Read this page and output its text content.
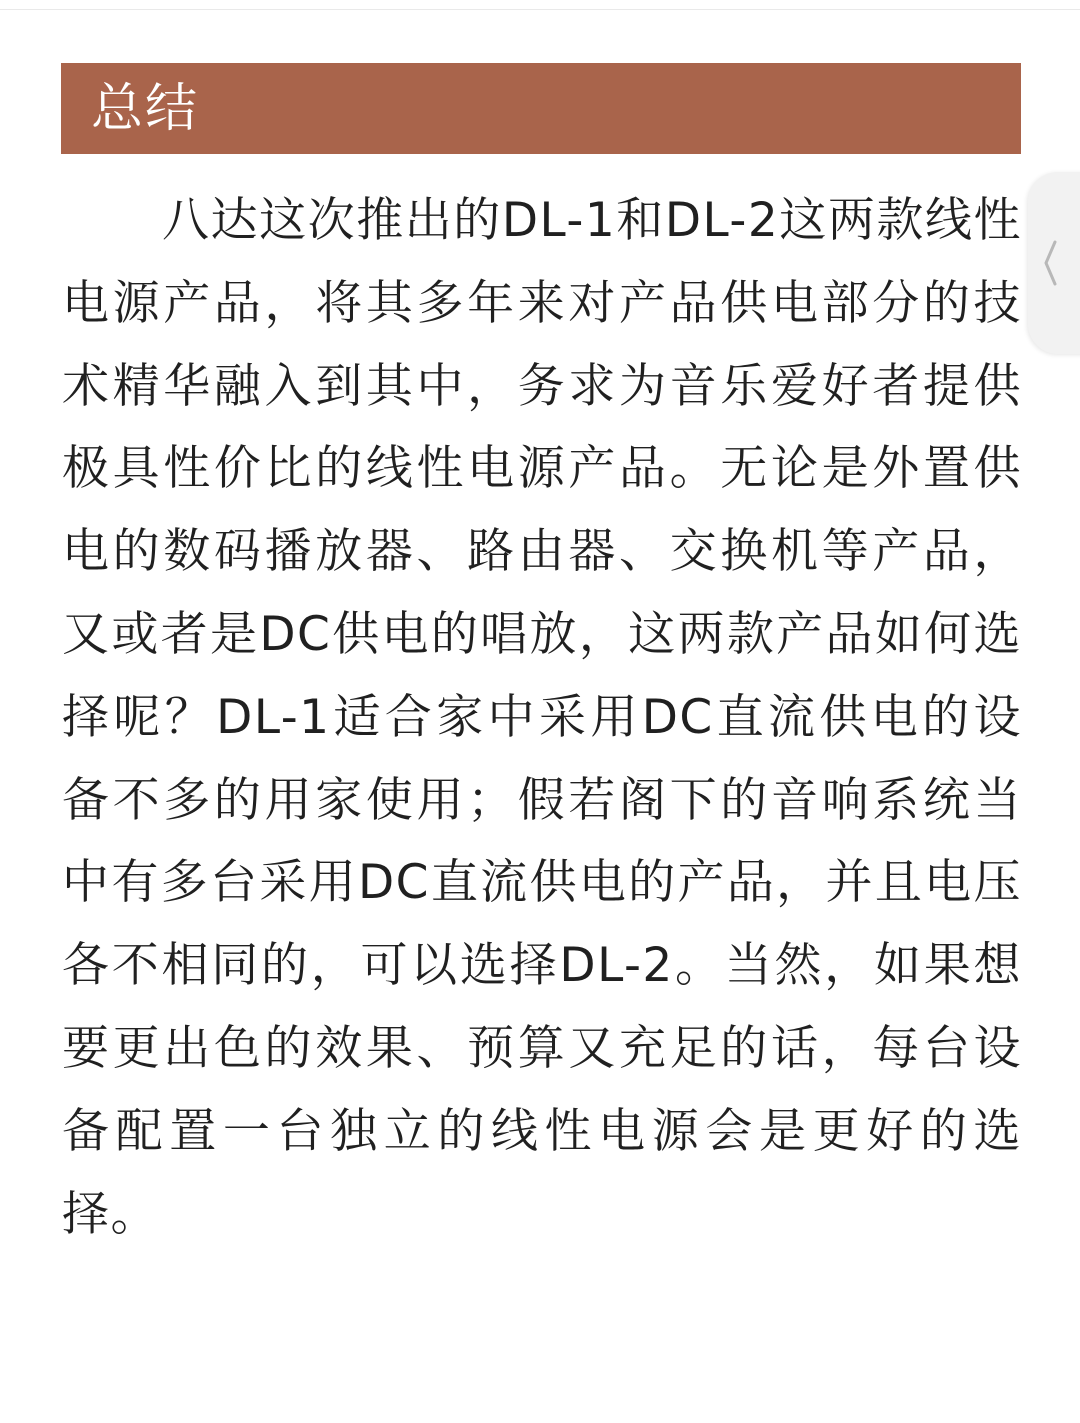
总结

八达这次推出的DL-1和DL-2这两款线性电源产品，将其多年来对产品供电部分的技术精华融入到其中，务求为音乐爱好者提供极具性价比的线性电源产品。无论是外置供电的数码播放器、路由器、交换机等产品，又或者是DC供电的唱放，这两款产品如何选择呢？DL-1适合家中采用DC直流供电的设备不多的用家使用；假若阁下的音响系统当中有多台采用DC直流供电的产品，并且电压各不相同的，可以选择DL-2。当然，如果想要更出色的效果、预算又充足的话，每台设备配置一台独立的线性电源会是更好的选择。
